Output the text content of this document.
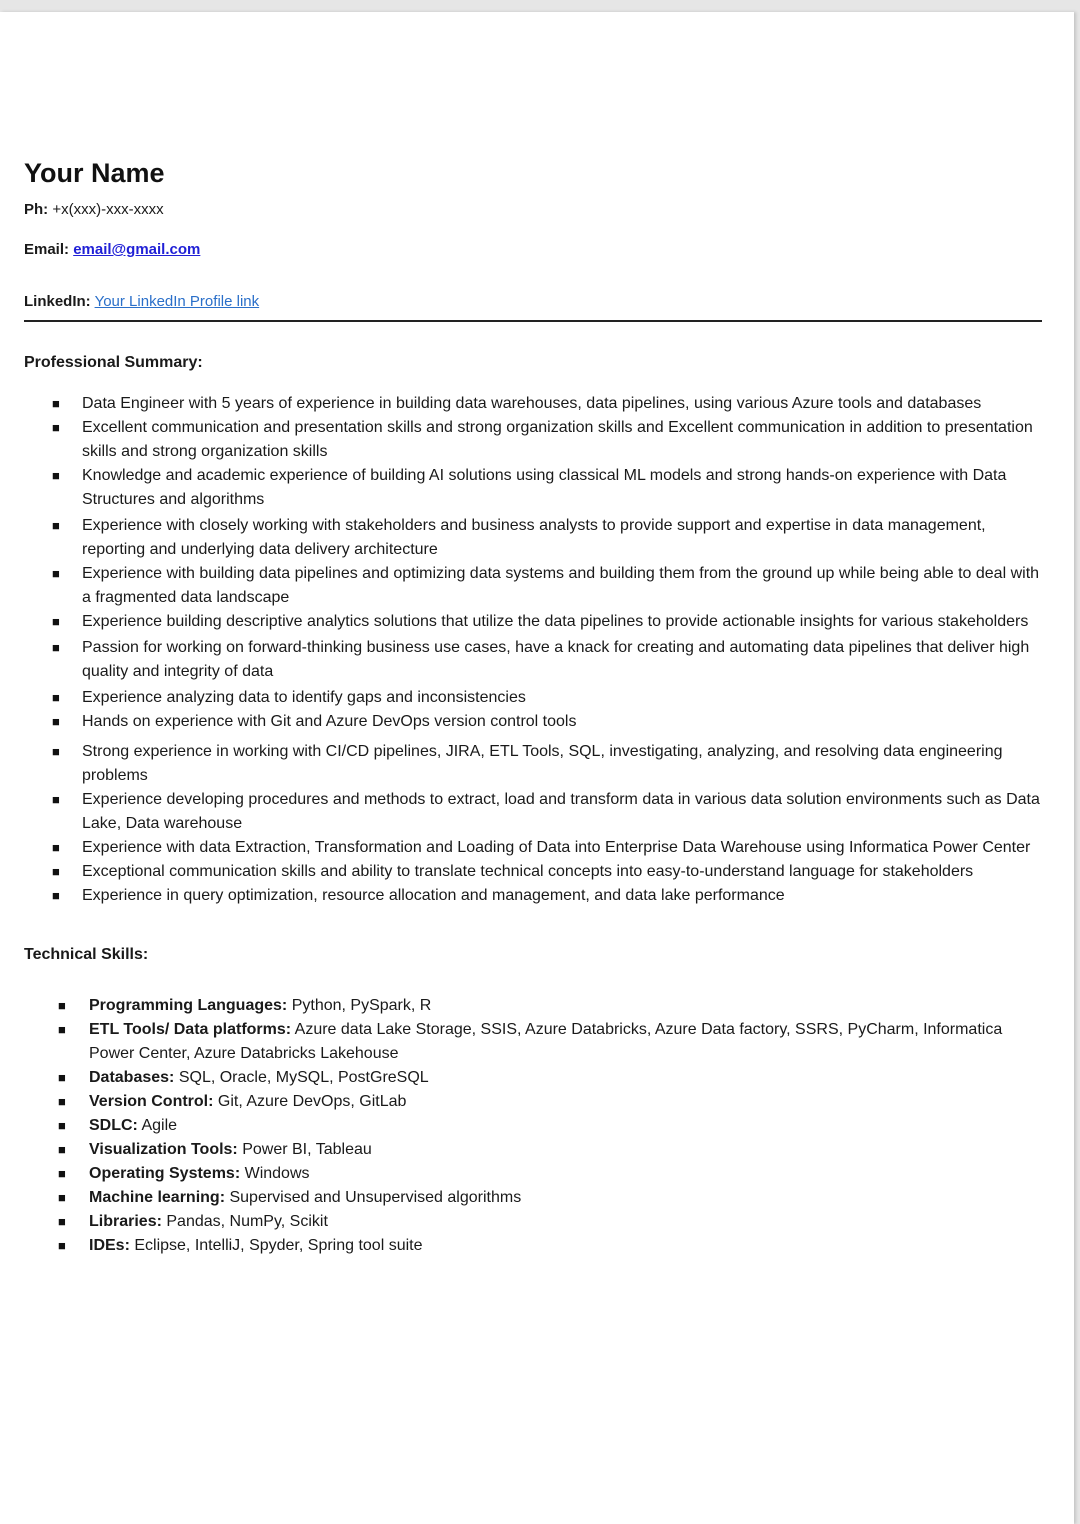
Your Name

Ph: +x(xxx)-xxx-xxxx

Email: email@gmail.com

LinkedIn: Your LinkedIn Profile link

Professional Summary:

■ Data Engineer with 5 years of experience in building data warehouses, data pipelines, using various Azure tools and databases
■ Excellent communication and presentation skills and strong organization skills and Excellent communication in addition to presentation skills and strong organization skills
■ Knowledge and academic experience of building AI solutions using classical ML models and strong hands-on experience with Data Structures and algorithms
■ Experience with closely working with stakeholders and business analysts to provide support and expertise in data management, reporting and underlying data delivery architecture
■ Experience with building data pipelines and optimizing data systems and building them from the ground up while being able to deal with a fragmented data landscape
■ Experience building descriptive analytics solutions that utilize the data pipelines to provide actionable insights for various stakeholders
■ Passion for working on forward-thinking business use cases, have a knack for creating and automating data pipelines that deliver high quality and integrity of data
■ Experience analyzing data to identify gaps and inconsistencies
■ Hands on experience with Git and Azure DevOps version control tools
■ Strong experience in working with CI/CD pipelines, JIRA, ETL Tools, SQL, investigating, analyzing, and resolving data engineering problems
■ Experience developing procedures and methods to extract, load and transform data in various data solution environments such as Data Lake, Data warehouse
■ Experience with data Extraction, Transformation and Loading of Data into Enterprise Data Warehouse using Informatica Power Center
■ Exceptional communication skills and ability to translate technical concepts into easy-to-understand language for stakeholders
■ Experience in query optimization, resource allocation and management, and data lake performance

Technical Skills:

■ Programming Languages: Python, PySpark, R
■ ETL Tools/ Data platforms: Azure data Lake Storage, SSIS, Azure Databricks, Azure Data factory, SSRS, PyCharm, Informatica Power Center, Azure Databricks Lakehouse
■ Databases: SQL, Oracle, MySQL, PostGreSQL
■ Version Control: Git, Azure DevOps, GitLab
■ SDLC: Agile
■ Visualization Tools: Power BI, Tableau
■ Operating Systems: Windows
■ Machine learning: Supervised and Unsupervised algorithms
■ Libraries: Pandas, NumPy, Scikit
■ IDEs: Eclipse, IntelliJ, Spyder, Spring tool suite
